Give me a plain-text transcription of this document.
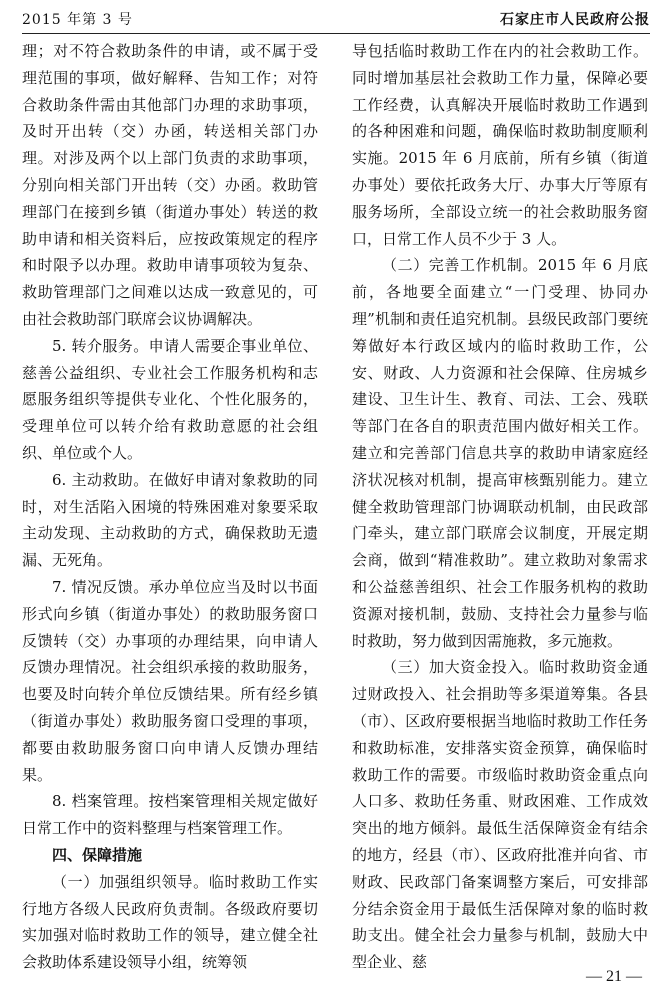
2015 年第 3 号	石家庄市人民政府公报

理；对不符合救助条件的申请，或不属于受理范围的事项，做好解释、告知工作；对符合救助条件需由其他部门办理的求助事项，及时开出转（交）办函，转送相关部门办理。对涉及两个以上部门负责的求助事项，分别向相关部门开出转（交）办函。救助管理部门在接到乡镇（街道办事处）转送的救助申请和相关资料后，应按政策规定的程序和时限予以办理。救助申请事项较为复杂、救助管理部门之间难以达成一致意见的，可由社会救助部门联席会议协调解决。

5. 转介服务。申请人需要企事业单位、慈善公益组织、专业社会工作服务机构和志愿服务组织等提供专业化、个性化服务的，受理单位可以转介给有救助意愿的社会组织、单位或个人。

6. 主动救助。在做好申请对象救助的同时，对生活陷入困境的特殊困难对象要采取主动发现、主动救助的方式，确保救助无遗漏、无死角。

7. 情况反馈。承办单位应当及时以书面形式向乡镇（街道办事处）的救助服务窗口反馈转（交）办事项的办理结果，向申请人反馈办理情况。社会组织承接的救助服务，也要及时向转介单位反馈结果。所有经乡镇（街道办事处）救助服务窗口受理的事项，都要由救助服务窗口向申请人反馈办理结果。

8. 档案管理。按档案管理相关规定做好日常工作中的资料整理与档案管理工作。

四、保障措施

（一）加强组织领导。临时救助工作实行地方各级人民政府负责制。各级政府要切实加强对临时救助工作的领导，建立健全社会救助体系建设领导小组，统筹领

导包括临时救助工作在内的社会救助工作。同时增加基层社会救助工作力量，保障必要工作经费，认真解决开展临时救助工作遇到的各种困难和问题，确保临时救助制度顺利实施。2015 年 6 月底前，所有乡镇（街道办事处）要依托政务大厅、办事大厅等原有服务场所，全部设立统一的社会救助服务窗口，日常工作人员不少于 3 人。

（二）完善工作机制。2015 年 6 月底前，各地要全面建立“一门受理、协同办理”机制和责任追究机制。县级民政部门要统筹做好本行政区域内的临时救助工作，公安、财政、人力资源和社会保障、住房城乡建设、卫生计生、教育、司法、工会、残联等部门在各自的职责范围内做好相关工作。建立和完善部门信息共享的救助申请家庭经济状况核对机制，提高审核甄别能力。建立健全救助管理部门协调联动机制，由民政部门牵头，建立部门联席会议制度，开展定期会商，做到“精准救助”。建立救助对象需求和公益慈善组织、社会工作服务机构的救助资源对接机制，鼓励、支持社会力量参与临时救助，努力做到因需施救，多元施救。

（三）加大资金投入。临时救助资金通过财政投入、社会捐助等多渠道筹集。各县（市）、区政府要根据当地临时救助工作任务和救助标准，安排落实资金预算，确保临时救助工作的需要。市级临时救助资金重点向人口多、救助任务重、财政困难、工作成效突出的地方倾斜。最低生活保障资金有结余的地方，经县（市）、区政府批准并向省、市财政、民政部门备案调整方案后，可安排部分结余资金用于最低生活保障对象的临时救助支出。健全社会力量参与机制，鼓励大中型企业、慈

— 21 —
